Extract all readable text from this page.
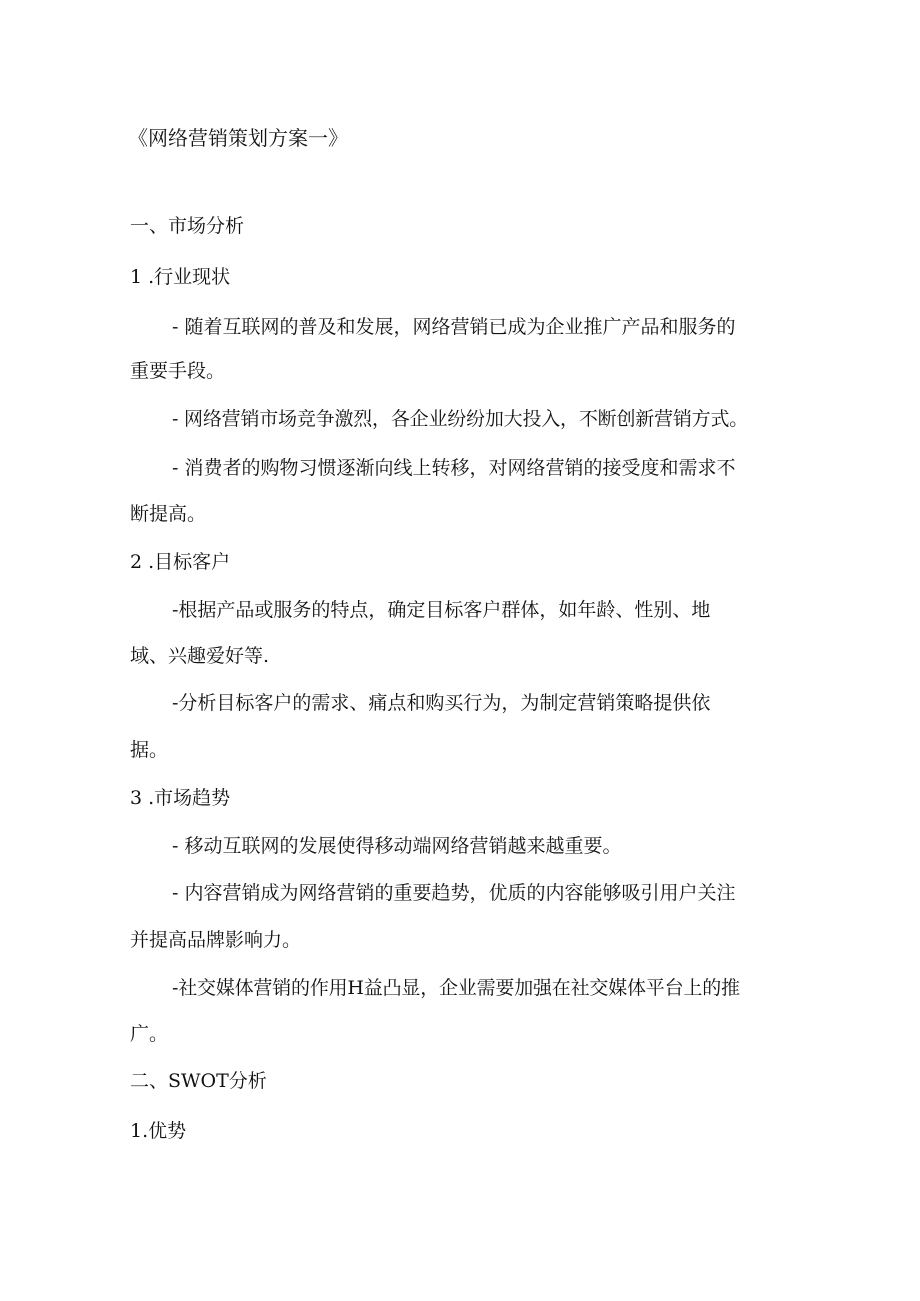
《网络营销策划方案一》

一、市场分析

1 .行业现状

- 随着互联网的普及和发展，网络营销已成为企业推广产品和服务的

重要手段。

- 网络营销市场竞争激烈，各企业纷纷加大投入，不断创新营销方式。

- 消费者的购物习惯逐渐向线上转移，对网络营销的接受度和需求不

断提高。

2 .目标客户

-根据产品或服务的特点，确定目标客户群体，如年龄、性别、地

域、兴趣爱好等.

-分析目标客户的需求、痛点和购买行为，为制定营销策略提供依

据。

3 .市场趋势

- 移动互联网的发展使得移动端网络营销越来越重要。

- 内容营销成为网络营销的重要趋势，优质的内容能够吸引用户关注

并提高品牌影响力。

-社交媒体营销的作用H益凸显，企业需要加强在社交媒体平台上的推

广。

二、SWOT分析

1.优势
